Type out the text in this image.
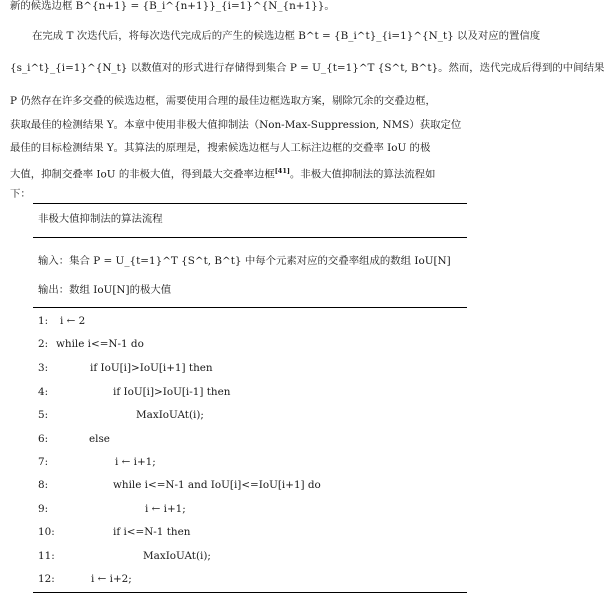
新的候选边框 B^{n+1} = {B_i^{n+1}}_{i=1}^{N_{n+1}}。
在完成 T 次迭代后，将每次迭代完成后的产生的候选边框 B^t = {B_i^t}_{i=1}^{N_t} 以及对应的置信度
{s_i^t}_{i=1}^{N_t} 以数值对的形式进行存储得到集合 P = U_{t=1}^T {S^t, B^t}。然而，迭代完成后得到的中间结果
P 仍然存在许多交叠的候选边框，需要使用合理的最佳边框选取方案，剔除冗余的交叠边框，
获取最佳的检测结果 Y。本章中使用非极大值抑制法（Non-Max-Suppression, NMS）获取定位
最佳的目标检测结果 Y。其算法的原理是，搜索候选边框与人工标注边框的交叠率 IoU 的极
大值，抑制交叠率 IoU 的非极大值，得到最大交叠率边框[41]。非极大值抑制法的算法流程如
下：
非极大值抑制法的算法流程
输入：集合 P = U_{t=1}^T {S^t, B^t} 中每个元素对应的交叠率组成的数组 IoU[N]
输出：数组 IoU[N]的极大值
1:	i ← 2
2: while i<=N-1 do
3:	if IoU[i]>IoU[i+1] then
4:	if IoU[i]>IoU[i-1] then
5:	MaxIoUAt(i);
6:	else
7:	i ← i+1;
8:	while i<=N-1 and IoU[i]<=IoU[i+1] do
9:	i ← i+1;
10:	if i<=N-1 then
11:	MaxIoUAt(i);
12:	i ← i+2;
